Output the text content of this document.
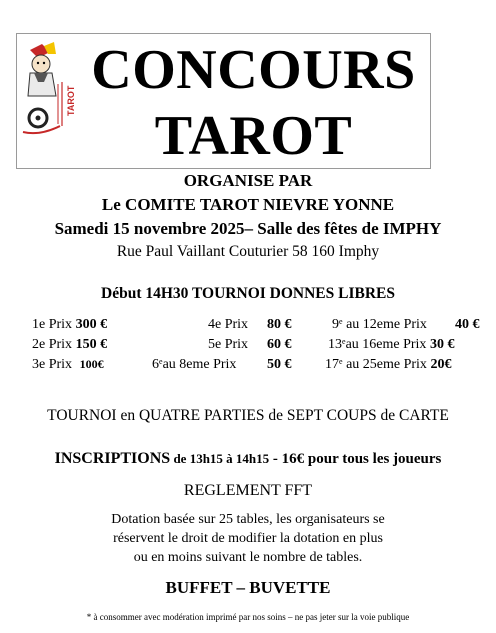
CONCOURS
TAROT
TAROT
ORGANISE PAR
Le COMITE TAROT NIEVRE YONNE
Samedi 15 novembre 2025– Salle des fêtes de IMPHY
Rue Paul Vaillant Couturier 58 160 Imphy
Début 14H30 TOURNOI DONNES LIBRES
1e Prix 300 €
2e Prix 150 €
3e Prix 100€
4e Prix 80 €
5e Prix 60 €
6eau 8eme Prix 50 €
9e au 12eme Prix 40 €
13eau 16eme Prix 30 €
17e au 25eme Prix 20€
TOURNOI en QUATRE PARTIES de SEPT COUPS de CARTE
INSCRIPTIONS de 13h15 à 14h15 - 16€ pour tous les joueurs
REGLEMENT FFT
Dotation basée sur 25 tables, les organisateurs se
réservent le droit de modifier la dotation en plus
ou en moins suivant le nombre de tables.
BUFFET – BUVETTE
* à consommer avec modération imprimé par nos soins – ne pas jeter sur la voie publique
